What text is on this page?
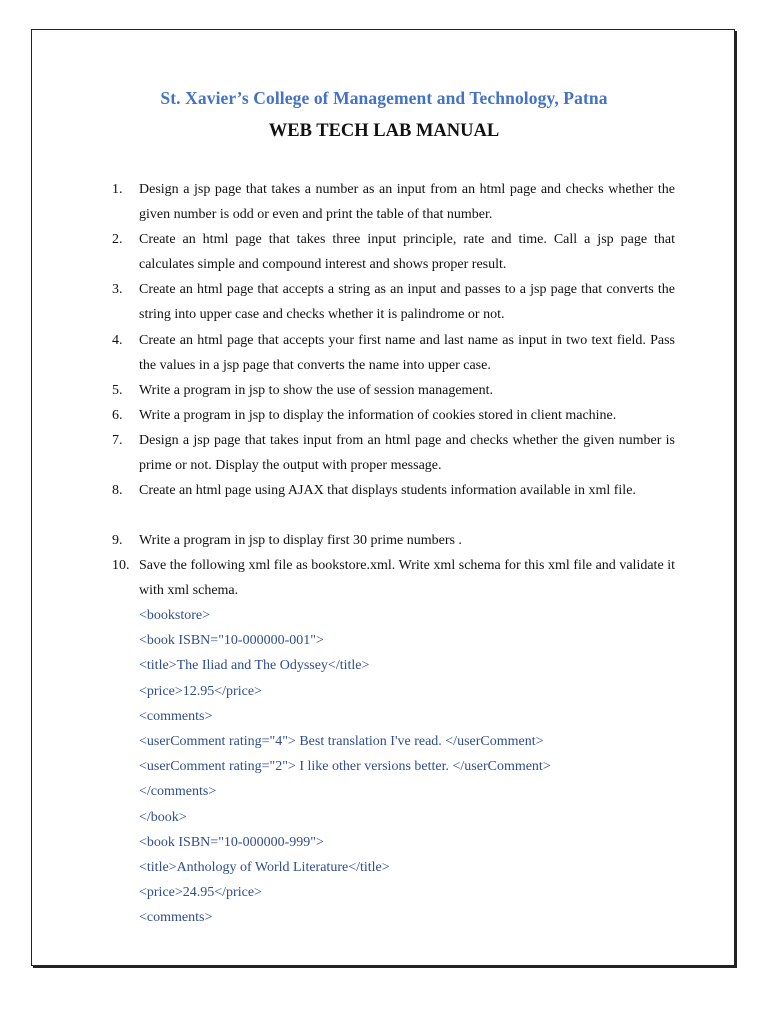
St. Xavier’s College of Management and Technology, Patna
WEB TECH LAB MANUAL
1. Design a jsp page that takes a number as an input from an html page and checks whether the given number is odd or even and print the table of that number.
2. Create an html page that takes three input principle, rate and time. Call a jsp page that calculates simple and compound interest and shows proper result.
3. Create an html page that accepts a string as an input and passes to a jsp page that converts the string into upper case and checks whether it is palindrome or not.
4. Create an html page that accepts your first name and last name as input in two text field. Pass the values in a jsp page that converts the name into upper case.
5. Write a program in jsp to show the use of session management.
6. Write a program in jsp to display the information of cookies stored in client machine.
7. Design a jsp page that takes input from an html page and checks whether the given number is prime or not. Display the output with proper message.
8. Create an html page using AJAX that displays students information available in xml file.
9. Write a program in jsp to display first 30 prime numbers .
10. Save the following xml file as bookstore.xml. Write xml schema for this xml file and validate it with xml schema.
<bookstore>
<book ISBN="10-000000-001">
<title>The Iliad and The Odyssey</title>
<price>12.95</price>
<comments>
<userComment rating="4"> Best translation I've read. </userComment>
<userComment rating="2"> I like other versions better. </userComment>
</comments>
</book>
<book ISBN="10-000000-999">
<title>Anthology of World Literature</title>
<price>24.95</price>
<comments>
